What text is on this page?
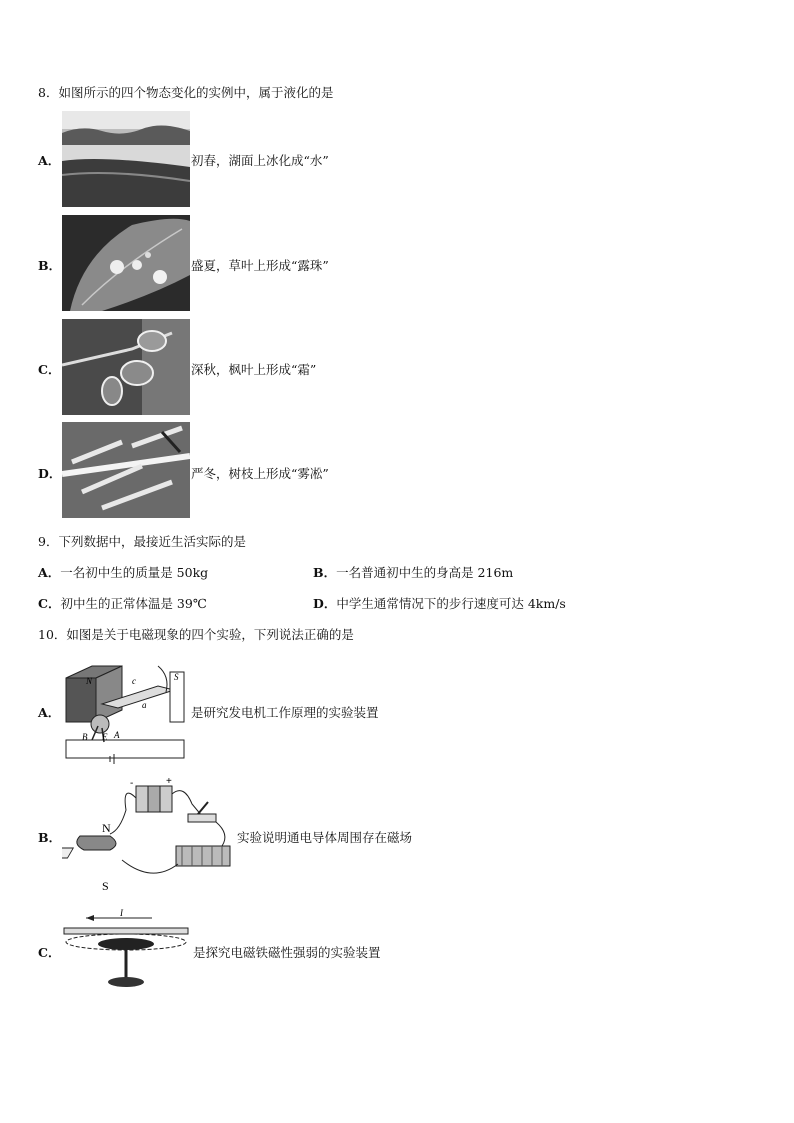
8．如图所示的四个物态变化的实例中，属于液化的是
A．	初春，湖面上冰化成“水”
B．	盛夏，草叶上形成“露珠”
C．	深秋，枫叶上形成“霜”
D．	严冬，树枝上形成“雾凇”
9．下列数据中，最接近生活实际的是
A．一名初中生的质量是 50kg	B．一名普通初中生的身高是 216m
C．初中生的正常体温是 39℃	D．中学生通常情况下的步行速度可达 4km/s
10．如图是关于电磁现象的四个实验，下列说法正确的是
A．
N	c	S
a
B E A
是研究发电机工作原理的实验装置
B．
-	+
N
S
实验说明通电导体周围存在磁场
C．
I
是探究电磁铁磁性强弱的实验装置
